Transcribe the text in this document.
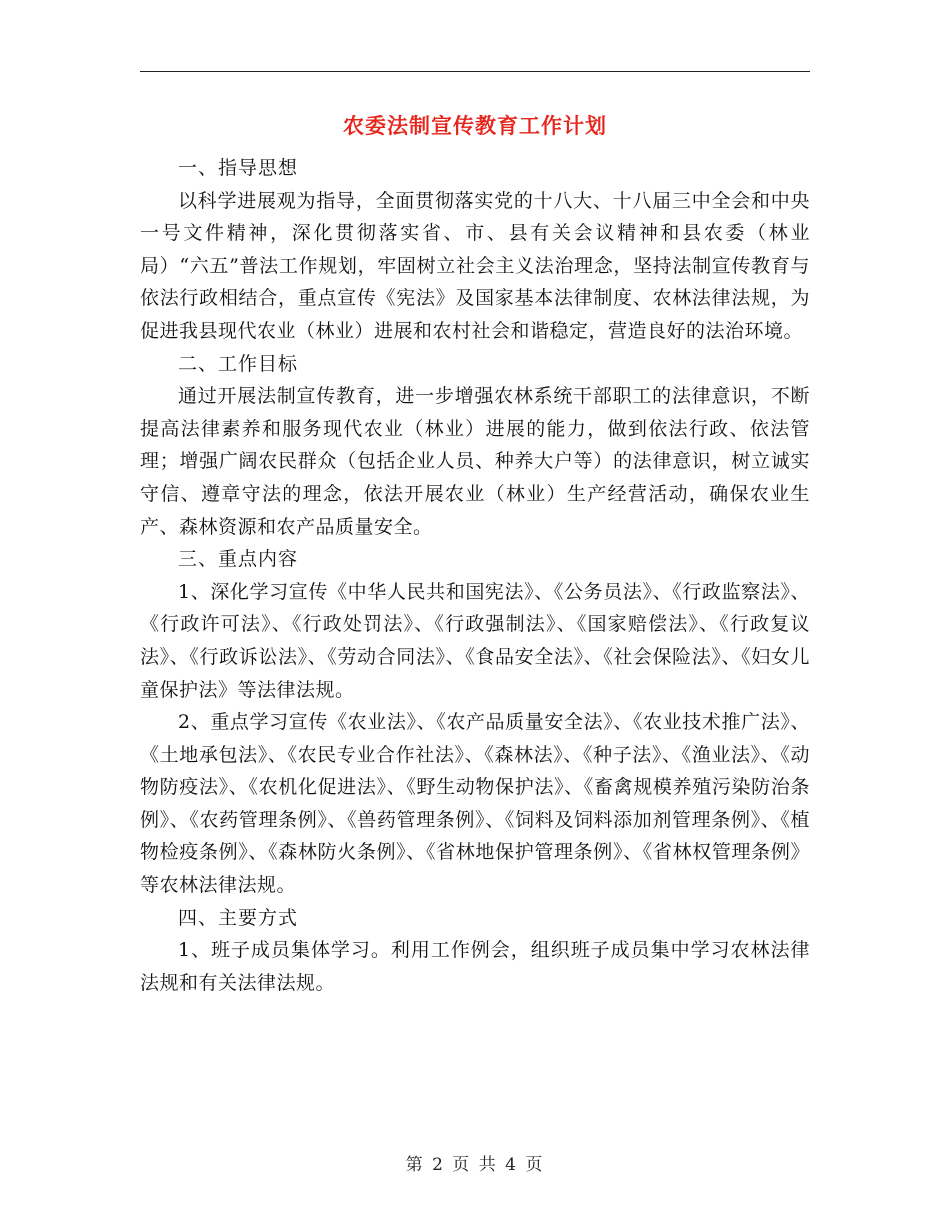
农委法制宣传教育工作计划

一、指导思想

以科学进展观为指导，全面贯彻落实党的十八大、十八届三中全会和中央一号文件精神，深化贯彻落实省、市、县有关会议精神和县农委（林业局）“六五”普法工作规划，牢固树立社会主义法治理念，坚持法制宣传教育与依法行政相结合，重点宣传《宪法》及国家基本法律制度、农林法律法规，为促进我县现代农业（林业）进展和农村社会和谐稳定，营造良好的法治环境。

二、工作目标

通过开展法制宣传教育，进一步增强农林系统干部职工的法律意识，不断提高法律素养和服务现代农业（林业）进展的能力，做到依法行政、依法管理；增强广阔农民群众（包括企业人员、种养大户等）的法律意识，树立诚实守信、遵章守法的理念，依法开展农业（林业）生产经营活动，确保农业生产、森林资源和农产品质量安全。

三、重点内容

1、深化学习宣传《中华人民共和国宪法》、《公务员法》、《行政监察法》、《行政许可法》、《行政处罚法》、《行政强制法》、《国家赔偿法》、《行政复议法》、《行政诉讼法》、《劳动合同法》、《食品安全法》、《社会保险法》、《妇女儿童保护法》等法律法规。

2、重点学习宣传《农业法》、《农产品质量安全法》、《农业技术推广法》、《土地承包法》、《农民专业合作社法》、《森林法》、《种子法》、《渔业法》、《动物防疫法》、《农机化促进法》、《野生动物保护法》、《畜禽规模养殖污染防治条例》、《农药管理条例》、《兽药管理条例》、《饲料及饲料添加剂管理条例》、《植物检疫条例》、《森林防火条例》、《省林地保护管理条例》、《省林权管理条例》等农林法律法规。

四、主要方式

1、班子成员集体学习。利用工作例会，组织班子成员集中学习农林法律法规和有关法律法规。

第 2 页 共 4 页
